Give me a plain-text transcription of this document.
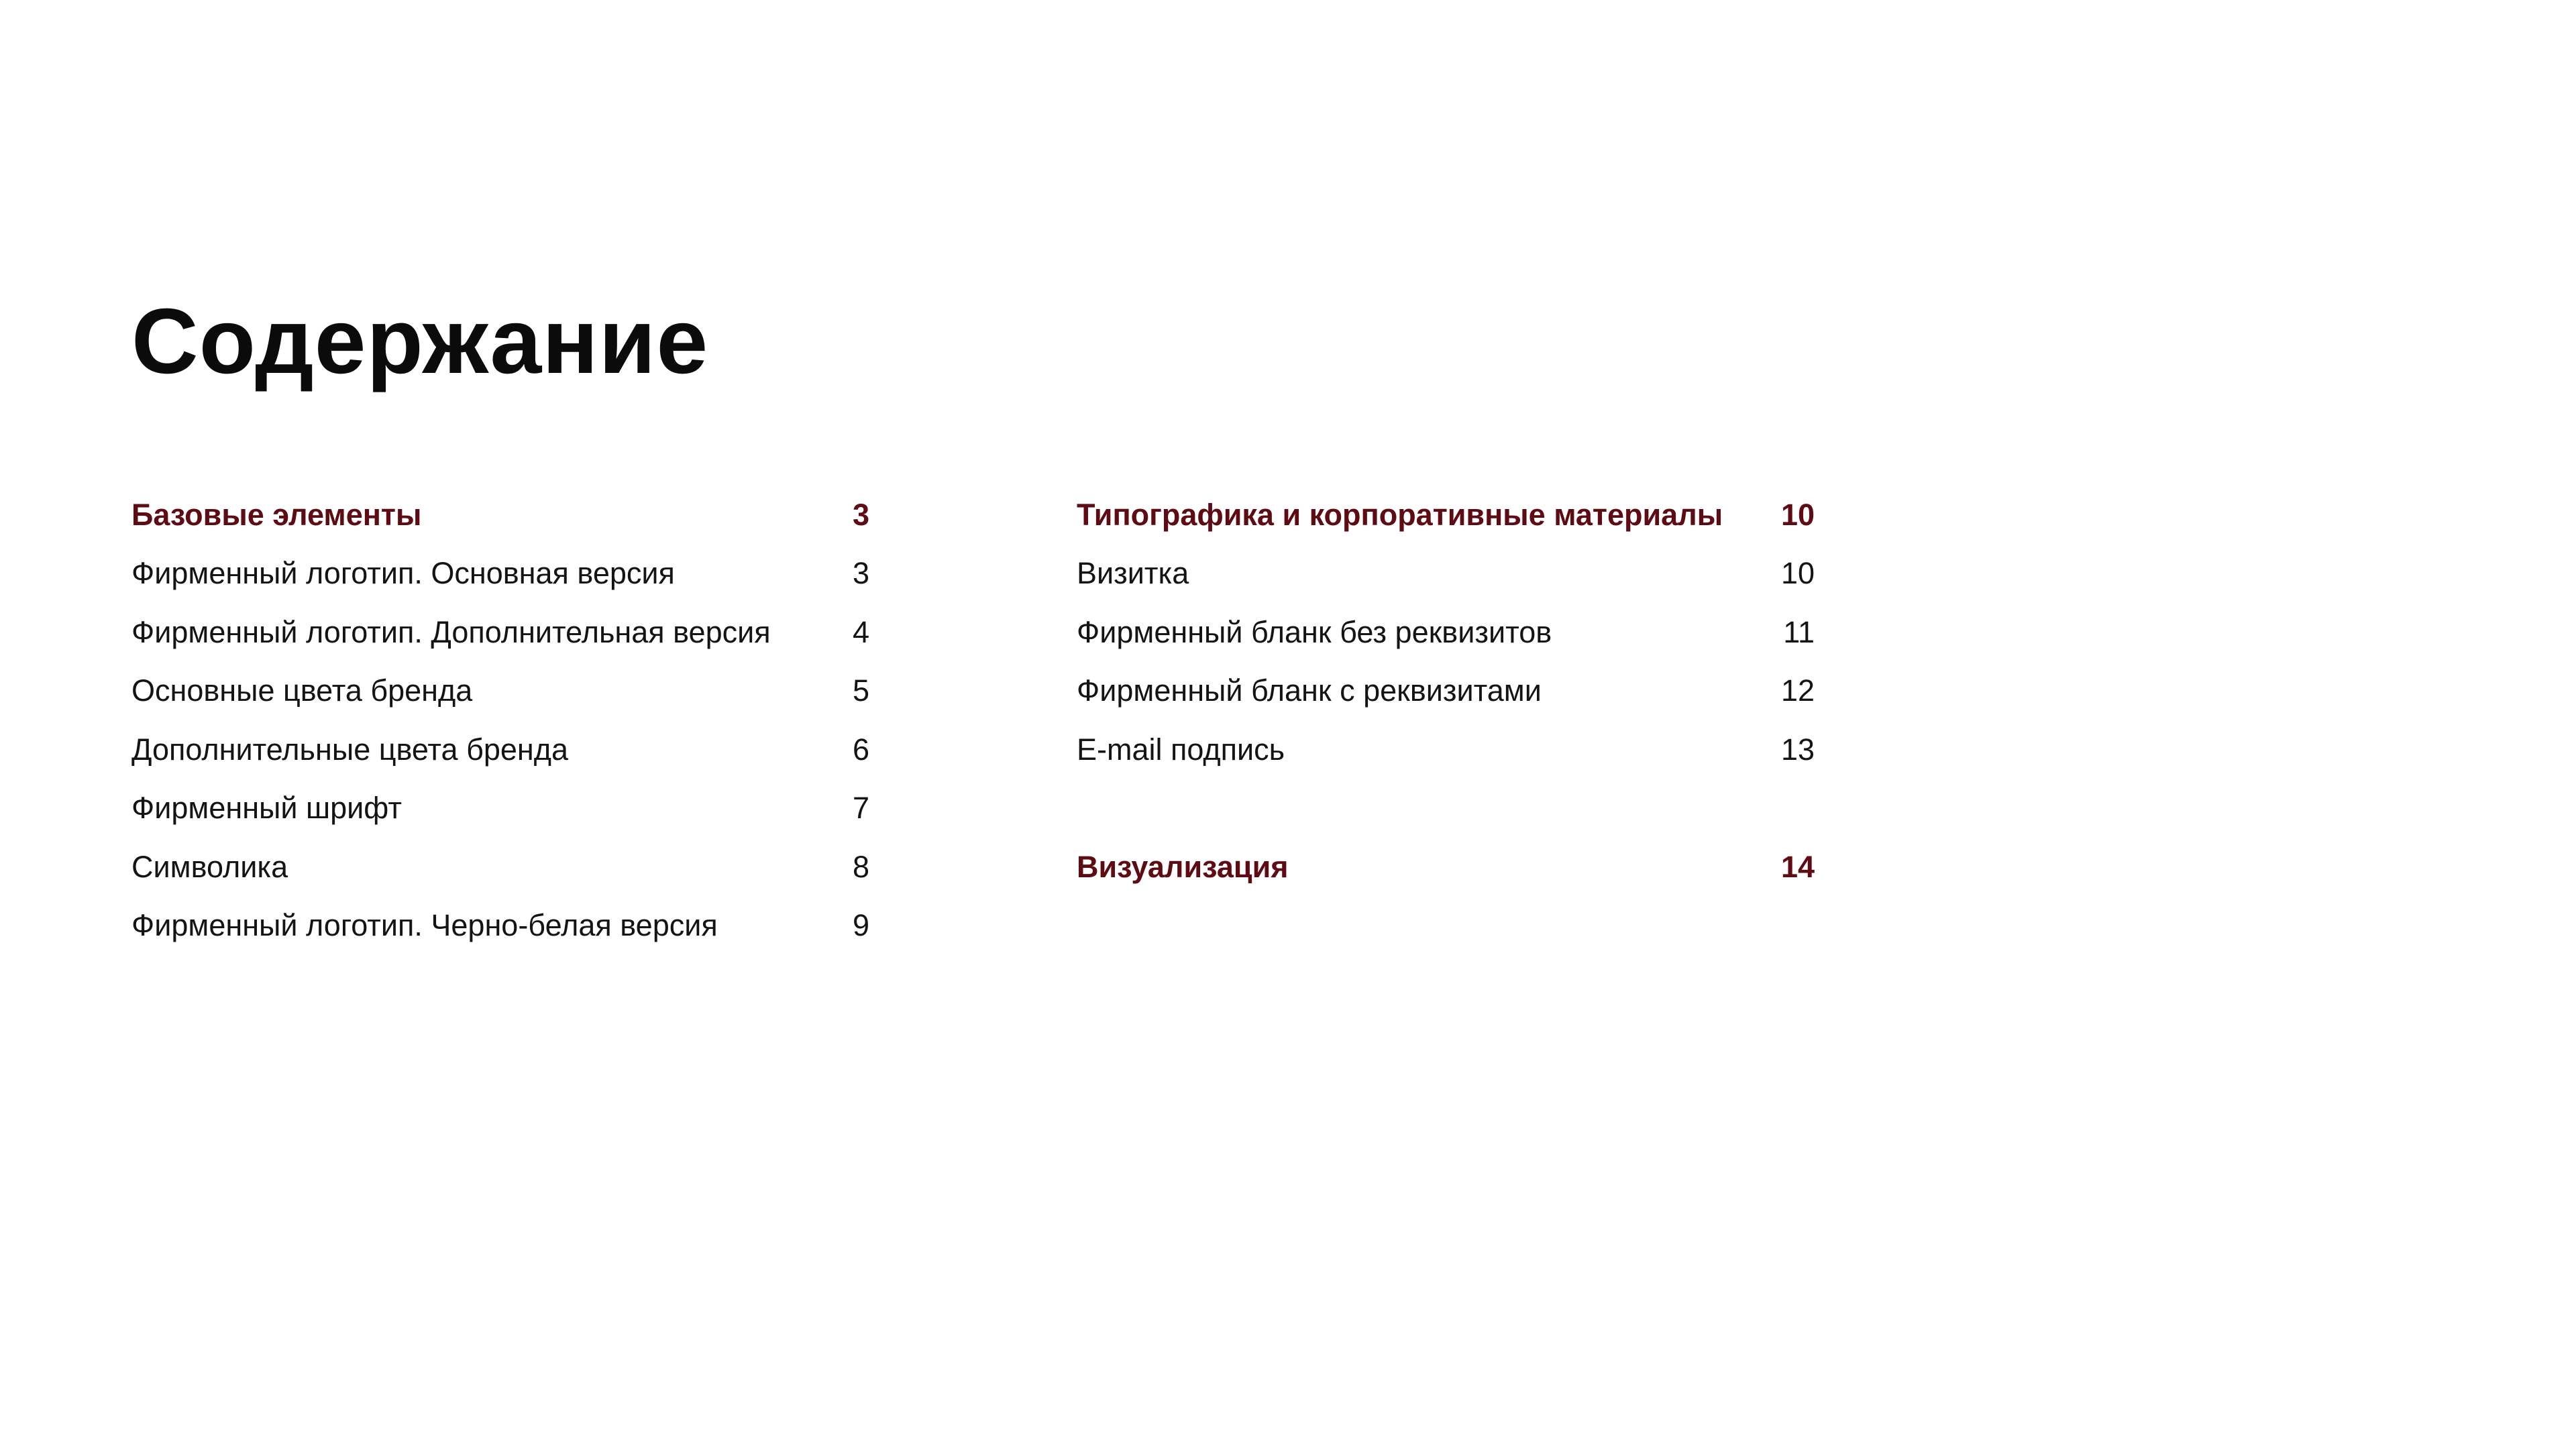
Содержание
Базовые элементы	3
Фирменный логотип. Основная версия	3
Фирменный логотип. Дополнительная версия	4
Основные цвета бренда	5
Дополнительные цвета бренда	6
Фирменный шрифт	7
Символика	8
Фирменный логотип. Черно-белая версия	9
Типографика и корпоративные материалы	10
Визитка	10
Фирменный бланк без реквизитов	11
Фирменный бланк с реквизитами	12
E-mail подпись	13
Визуализация	14
